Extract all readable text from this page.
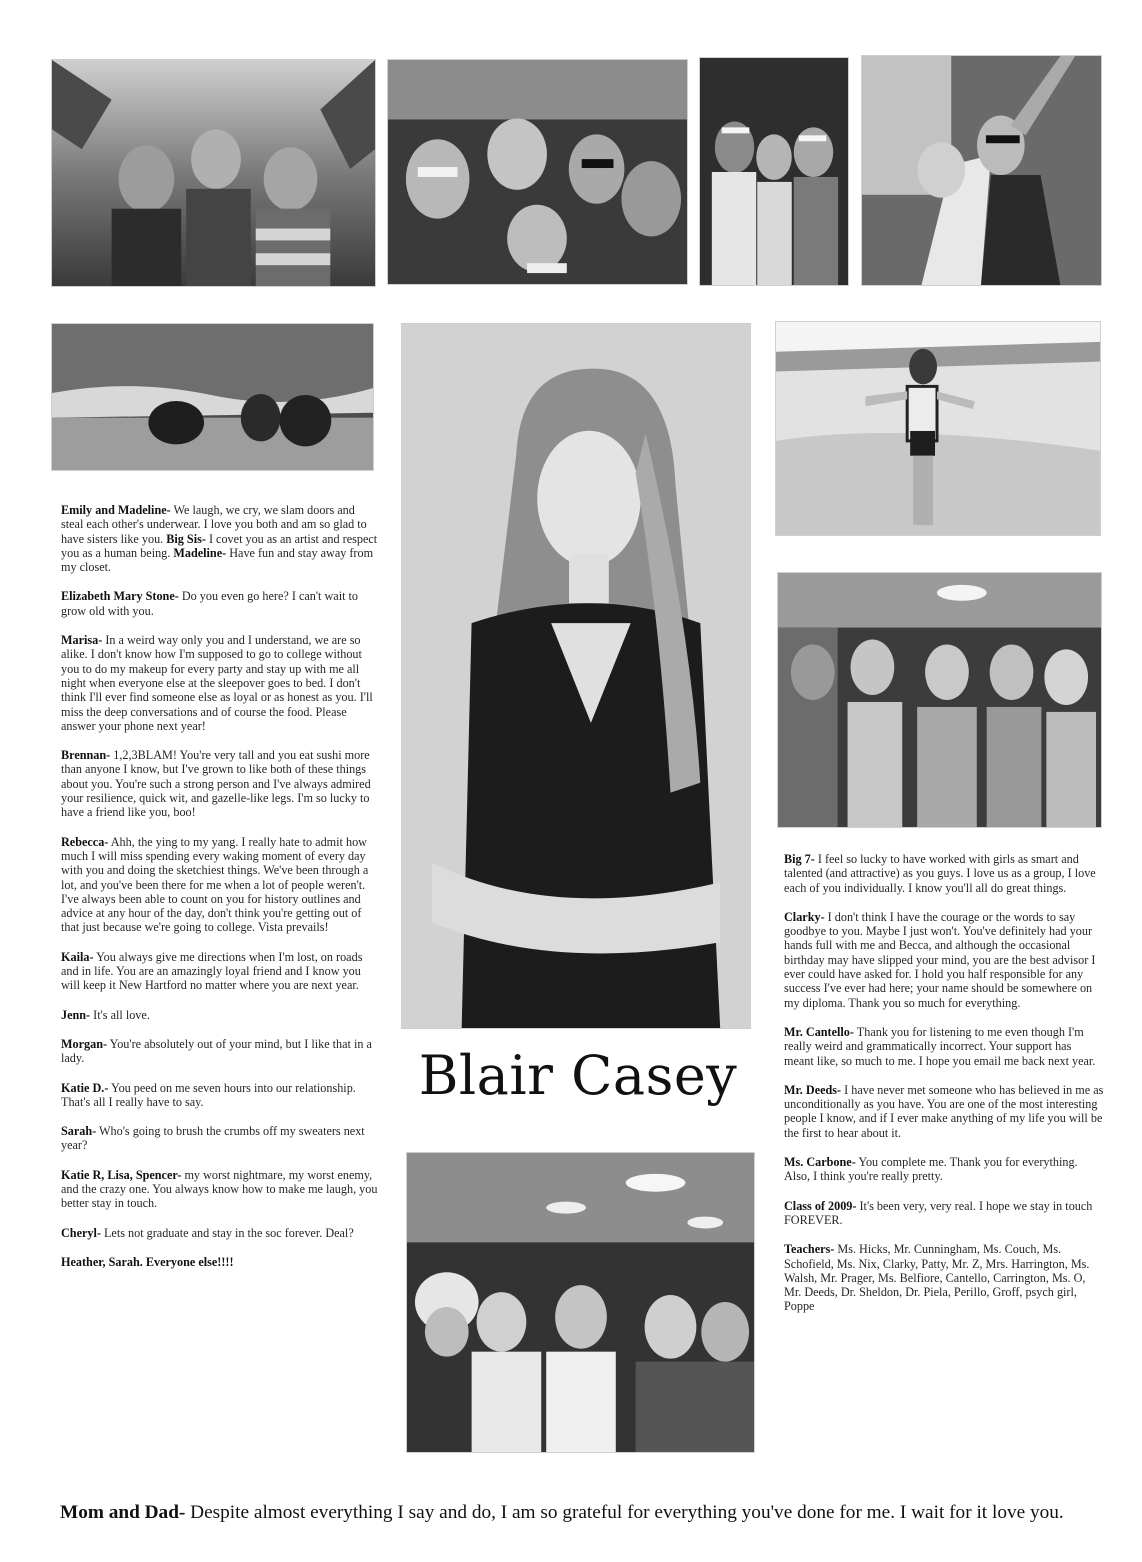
Emily and Madeline- We laugh, we cry, we slam doors and steal each other's underwear. I love you both and am so glad to have sisters like you. Big Sis- I covet you as an artist and respect you as a human being. Madeline- Have fun and stay away from my closet.

Elizabeth Mary Stone- Do you even go here? I can't wait to grow old with you.

Marisa- In a weird way only you and I understand, we are so alike. I don't know how I'm supposed to go to college without you to do my makeup for every party and stay up with me all night when everyone else at the sleepover goes to bed. I don't think I'll ever find someone else as loyal or as honest as you. I'll miss the deep conversations and of course the food. Please answer your phone next year!

Brennan- 1,2,3BLAM! You're very tall and you eat sushi more than anyone I know, but I've grown to like both of these things about you. You're such a strong person and I've always admired your resilience, quick wit, and gazelle-like legs. I'm so lucky to have a friend like you, boo!

Rebecca- Ahh, the ying to my yang. I really hate to admit how much I will miss spending every waking moment of every day with you and doing the sketchiest things. We've been through a lot, and you've been there for me when a lot of people weren't. I've always been able to count on you for history outlines and advice at any hour of the day, don't think you're getting out of that just because we're going to college. Vista prevails!

Kaila- You always give me directions when I'm lost, on roads and in life. You are an amazingly loyal friend and I know you will keep it New Hartford no matter where you are next year.

Jenn- It's all love.

Morgan- You're absolutely out of your mind, but I like that in a lady.

Katie D.- You peed on me seven hours into our relationship. That's all I really have to say.

Sarah- Who's going to brush the crumbs off my sweaters next year?

Katie R, Lisa, Spencer- my worst nightmare, my worst enemy, and the crazy one. You always know how to make me laugh, you better stay in touch.

Cheryl- Lets not graduate and stay in the soc forever. Deal?

Heather, Sarah. Everyone else!!!!

Blair Casey

Big 7- I feel so lucky to have worked with girls as smart and talented (and attractive) as you guys. I love us as a group, I love each of you individually. I know you'll all do great things.

Clarky- I don't think I have the courage or the words to say goodbye to you. Maybe I just won't. You've definitely had your hands full with me and Becca, and although the occasional birthday may have slipped your mind, you are the best advisor I ever could have asked for. I hold you half responsible for any success I've ever had here; your name should be somewhere on my diploma. Thank you so much for everything.

Mr. Cantello- Thank you for listening to me even though I'm really weird and grammatically incorrect. Your support has meant like, so much to me. I hope you email me back next year.

Mr. Deeds- I have never met someone who has believed in me as unconditionally as you have. You are one of the most interesting people I know, and if I ever make anything of my life you will be the first to hear about it.

Ms. Carbone- You complete me. Thank you for everything. Also, I think you're really pretty.

Class of 2009- It's been very, very real. I hope we stay in touch FOREVER.

Teachers- Ms. Hicks, Mr. Cunningham, Ms. Couch, Ms. Schofield, Ms. Nix, Clarky, Patty, Mr. Z, Mrs. Harrington, Ms. Walsh, Mr. Prager, Ms. Belfiore, Cantello, Carrington, Ms. O, Mr. Deeds, Dr. Sheldon, Dr. Piela, Perillo, Groff, psych girl, Poppe

Mom and Dad- Despite almost everything I say and do, I am so grateful for everything you've done for me. I wait for it love you.
